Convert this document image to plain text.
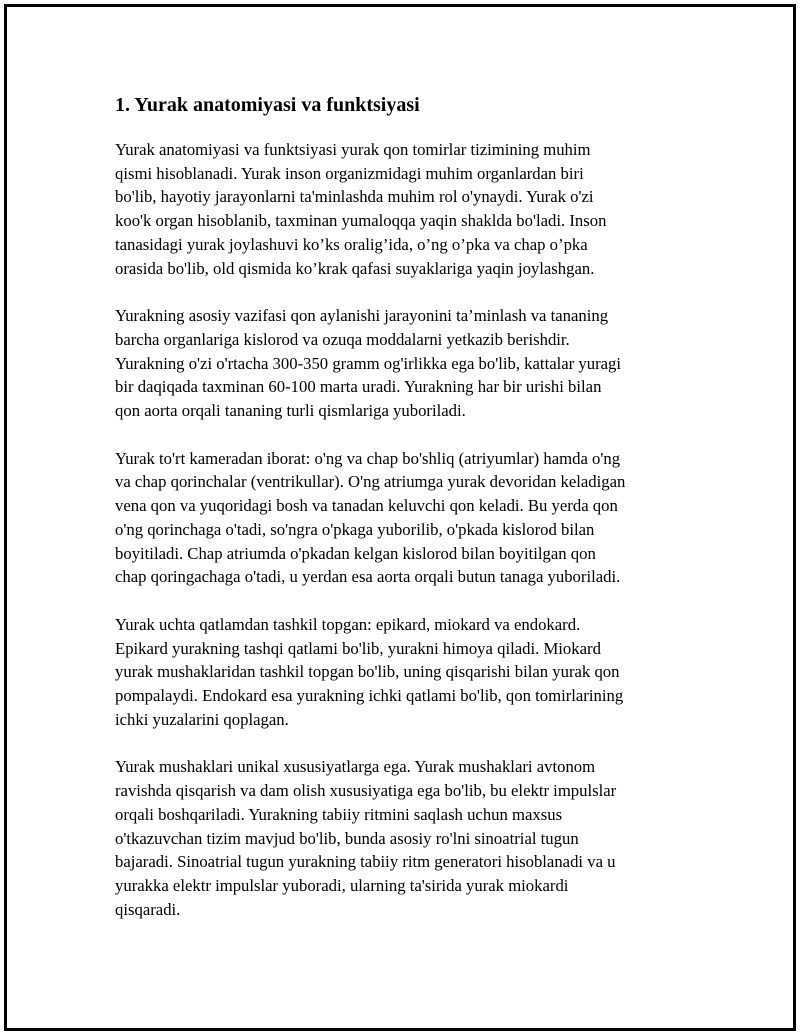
1. Yurak anatomiyasi va funktsiyasi
Yurak anatomiyasi va funktsiyasi yurak qon tomirlar tizimining muhim
qismi hisoblanadi. Yurak inson organizmidagi muhim organlardan biri
bo'lib, hayotiy jarayonlarni ta'minlashda muhim rol o'ynaydi. Yurak o'zi
koo'k organ hisoblanib, taxminan yumaloqqa yaqin shaklda bo'ladi. Inson
tanasidagi yurak joylashuvi ko’ks oralig’ida, o’ng o’pka va chap o’pka
orasida bo'lib, old qismida ko’krak qafasi suyaklariga yaqin joylashgan.
Yurakning asosiy vazifasi qon aylanishi jarayonini ta’minlash va tananing
barcha organlariga kislorod va ozuqa moddalarni yetkazib berishdir.
Yurakning o'zi o'rtacha 300-350 gramm og'irlikka ega bo'lib, kattalar yuragi
bir daqiqada taxminan 60-100 marta uradi. Yurakning har bir urishi bilan
qon aorta orqali tananing turli qismlariga yuboriladi.
Yurak to'rt kameradan iborat: o'ng va chap bo'shliq (atriyumlar) hamda o'ng
va chap qorinchalar (ventrikullar). O'ng atriumga yurak devoridan keladigan
vena qon va yuqoridagi bosh va tanadan keluvchi qon keladi. Bu yerda qon
o'ng qorinchaga o'tadi, so'ngra o'pkaga yuborilib, o'pkada kislorod bilan
boyitiladi. Chap atriumda o'pkadan kelgan kislorod bilan boyitilgan qon
chap qoringachaga o'tadi, u yerdan esa aorta orqali butun tanaga yuboriladi.
Yurak uchta qatlamdan tashkil topgan: epikard, miokard va endokard.
Epikard yurakning tashqi qatlami bo'lib, yurakni himoya qiladi. Miokard
yurak mushaklaridan tashkil topgan bo'lib, uning qisqarishi bilan yurak qon
pompalaydi. Endokard esa yurakning ichki qatlami bo'lib, qon tomirlarining
ichki yuzalarini qoplagan.
Yurak mushaklari unikal xususiyatlarga ega. Yurak mushaklari avtonom
ravishda qisqarish va dam olish xususiyatiga ega bo'lib, bu elektr impulslar
orqali boshqariladi. Yurakning tabiiy ritmini saqlash uchun maxsus
o'tkazuvchan tizim mavjud bo'lib, bunda asosiy ro'lni sinoatrial tugun
bajaradi. Sinoatrial tugun yurakning tabiiy ritm generatori hisoblanadi va u
yurakka elektr impulslar yuboradi, ularning ta'sirida yurak miokardi
qisqaradi.
